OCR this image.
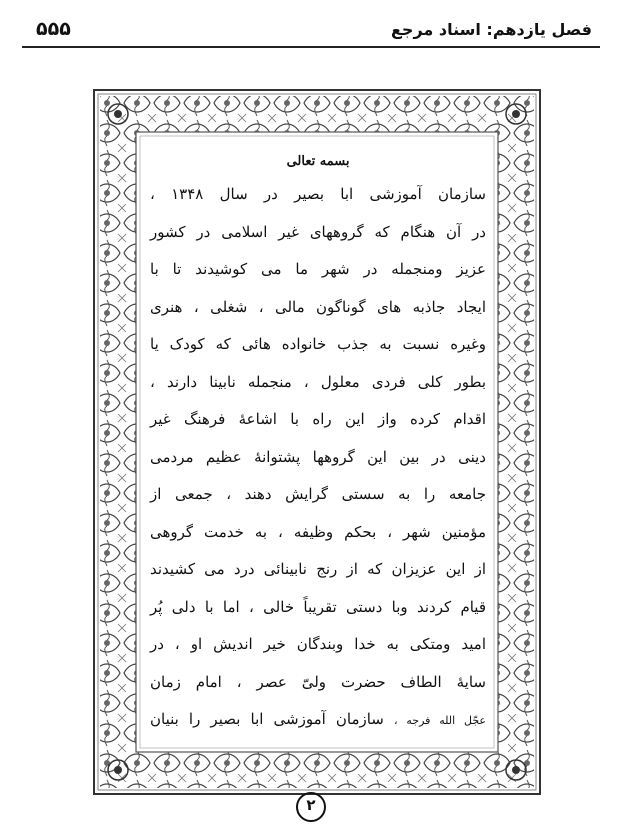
فصل یازدهم: اسناد مرجع
۵۵۵
بسمه تعالی
سازمان آموزشی ابا بصیر در سال ۱۳۴۸ ،
در آن هنگام که گروههای غیر اسلامی در کشور
عزیز ومنجمله در شهر ما می کوشیدند تا با
ایجاد جاذبه های گوناگون مالی ، شغلی ، هنری
وغیره نسبت به جذب خانواده هائی که کودک یا
بطور کلی فردی معلول ، منجمله نابینا دارند ،
اقدام کرده واز این راه با اشاعهٔ فرهنگ غیر
دینی در بین این گروهها پشتوانهٔ عظیم مردمی
جامعه را به سستی گرایش دهند ، جمعی از
مؤمنین شهر ، بحکم وظیفه ، به خدمت گروهی
از این عزیزان که از رنج نابینائی درد می کشیدند
قیام کردند وبا دستی تقریباً خالی ، اما با دلی پُر
امید ومتکی به خدا وبندگان خیر اندیش او ، در
سایهٔ الطاف حضرت ولیّ عصر ، امام زمان
عجّل الله فرجه ، سازمان آموزشی ابا بصیر را بنیان
۲
